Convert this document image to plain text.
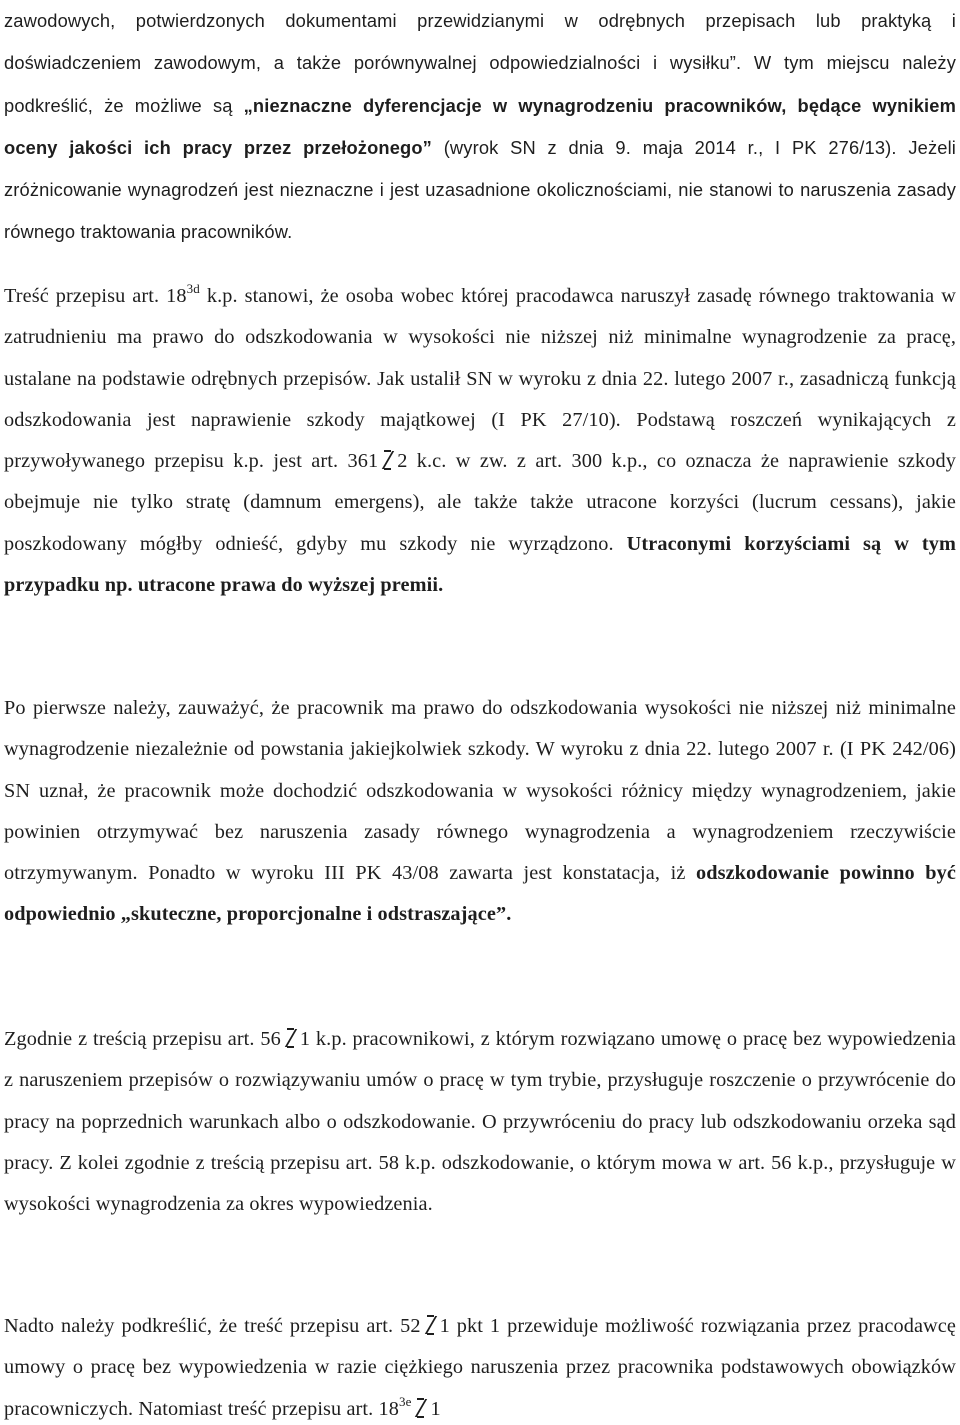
zawodowych, potwierdzonych dokumentami przewidzianymi w odrębnych przepisach lub praktyką i doświadczeniem zawodowym, a także porównywalnej odpowiedzialności i wysiłku”. W tym miejscu należy podkreślić, że możliwe są „nieznaczne dyferencjacje w wynagrodzeniu pracowników, będące wynikiem oceny jakości ich pracy przez przełożonego” (wyrok SN z dnia 9. maja 2014 r., I PK 276/13). Jeżeli zróżnicowanie wynagrodzeń jest nieznaczne i jest uzasadnione okolicznościami, nie stanowi to naruszenia zasady równego traktowania pracowników.

Treść przepisu art. $18^{3d}$ k.p. stanowi, że osoba wobec której pracodawca naruszył zasadę równego traktowania w zatrudnieniu ma prawo do odszkodowania w wysokości nie niższej niż minimalne wynagrodzenie za pracę, ustalane na podstawie odrębnych przepisów. Jak ustalił SN w wyroku z dnia 22. lutego 2007 r., zasadniczą funkcją odszkodowania jest naprawienie szkody majątkowej (I PK 27/10). Podstawą roszczeń wynikających z przywoływanego przepisu k.p. jest art. 361 2 k.c. w zw. z art. 300 k.p., co oznacza że naprawienie szkody obejmuje nie tylko stratę (damnum emergens), ale także także utracone korzyści (lucrum cessans), jakie poszkodowany mógłby odnieść, gdyby mu szkody nie wyrządzono. Utraconymi korzyściami są w tym przypadku np. utracone prawa do wyższej premii.

Po pierwsze należy, zauważyć, że pracownik ma prawo do odszkodowania wysokości nie niższej niż minimalne wynagrodzenie niezależnie od powstania jakiejkolwiek szkody. W wyroku z dnia 22. lutego 2007 r. (I PK 242/06) SN uznał, że pracownik może dochodzić odszkodowania w wysokości różnicy między wynagrodzeniem, jakie powinien otrzymywać bez naruszenia zasady równego wynagrodzenia a wynagrodzeniem rzeczywiście otrzymywanym. Ponadto w wyroku III PK 43/08 zawarta jest konstatacja, iż odszkodowanie powinno być odpowiednio „skuteczne, proporcjonalne i odstraszające”.

Zgodnie z treścią przepisu art. 56 1 k.p. pracownikowi, z którym rozwiązano umowę o pracę bez wypowiedzenia z naruszeniem przepisów o rozwiązywaniu umów o pracę w tym trybie, przysługuje roszczenie o przywrócenie do pracy na poprzednich warunkach albo o odszkodowanie. O przywróceniu do pracy lub odszkodowaniu orzeka sąd pracy. Z kolei zgodnie z treścią przepisu art. 58 k.p. odszkodowanie, o którym mowa w art. 56 k.p., przysługuje w wysokości wynagrodzenia za okres wypowiedzenia.

Nadto należy podkreślić, że treść przepisu art. 52 1 pkt 1 przewiduje możliwość rozwiązania przez pracodawcę umowy o pracę bez wypowiedzenia w razie ciężkiego naruszenia przez pracownika podstawowych obowiązków pracowniczych. Natomiast treść przepisu art. $18^{3e}$ 1
